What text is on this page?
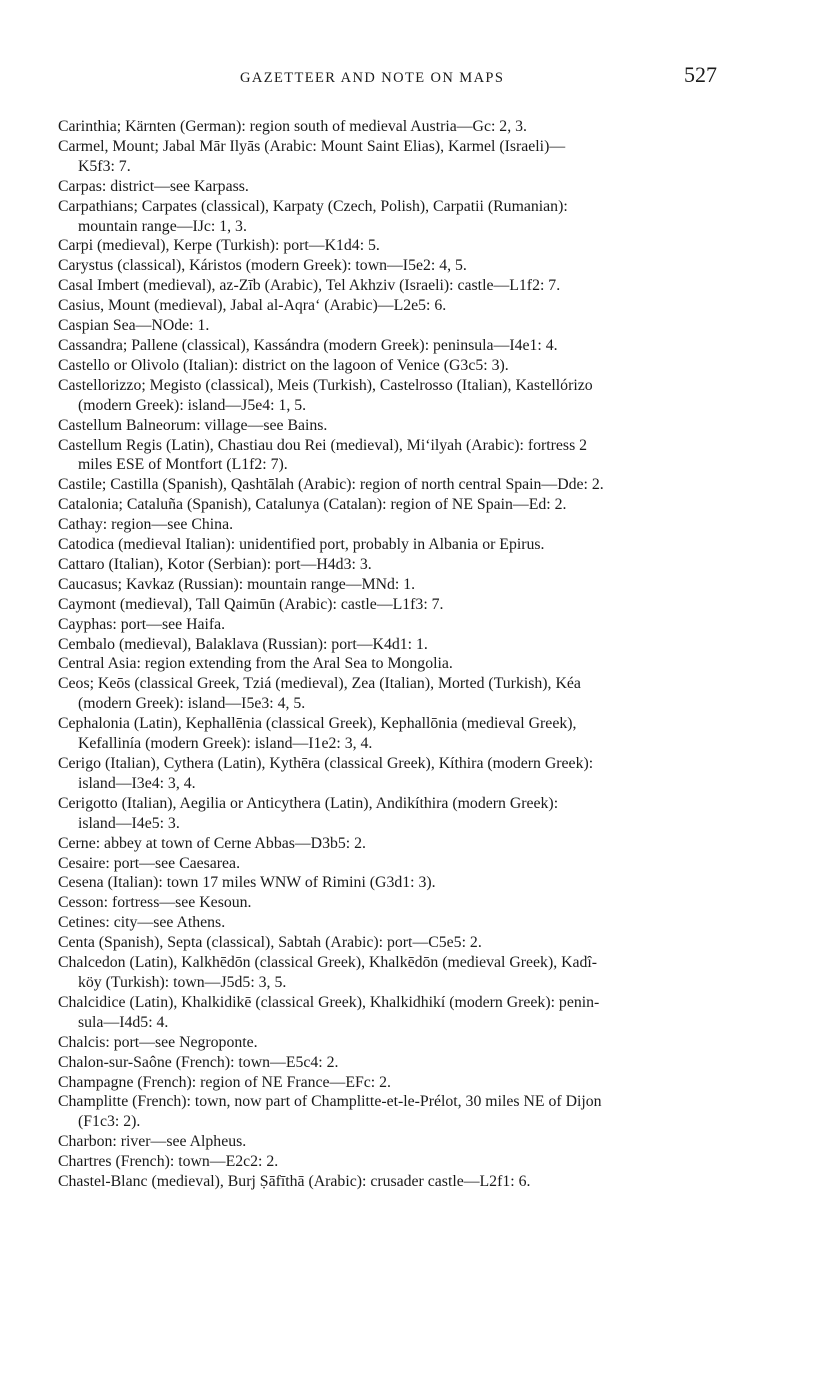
GAZETTEER AND NOTE ON MAPS	527
Carinthia; Kärnten (German): region south of medieval Austria—Gc: 2, 3.
Carmel, Mount; Jabal Mār Ilyās (Arabic: Mount Saint Elias), Karmel (Israeli)—
K5f3: 7.
Carpas: district—see Karpass.
Carpathians; Carpates (classical), Karpaty (Czech, Polish), Carpatii (Rumanian):
mountain range—IJc: 1, 3.
Carpi (medieval), Kerpe (Turkish): port—K1d4: 5.
Carystus (classical), Káristos (modern Greek): town—I5e2: 4, 5.
Casal Imbert (medieval), az-Zīb (Arabic), Tel Akhziv (Israeli): castle—L1f2: 7.
Casius, Mount (medieval), Jabal al-Aqra‘ (Arabic)—L2e5: 6.
Caspian Sea—NOde: 1.
Cassandra; Pallene (classical), Kassándra (modern Greek): peninsula—I4e1: 4.
Castello or Olivolo (Italian): district on the lagoon of Venice (G3c5: 3).
Castellorizzo; Megisto (classical), Meis (Turkish), Castelrosso (Italian), Kastellórizo
(modern Greek): island—J5e4: 1, 5.
Castellum Balneorum: village—see Bains.
Castellum Regis (Latin), Chastiau dou Rei (medieval), Mi‘ilyah (Arabic): fortress 2
miles ESE of Montfort (L1f2: 7).
Castile; Castilla (Spanish), Qashtālah (Arabic): region of north central Spain—Dde: 2.
Catalonia; Cataluña (Spanish), Catalunya (Catalan): region of NE Spain—Ed: 2.
Cathay: region—see China.
Catodica (medieval Italian): unidentified port, probably in Albania or Epirus.
Cattaro (Italian), Kotor (Serbian): port—H4d3: 3.
Caucasus; Kavkaz (Russian): mountain range—MNd: 1.
Caymont (medieval), Tall Qaimūn (Arabic): castle—L1f3: 7.
Cayphas: port—see Haifa.
Cembalo (medieval), Balaklava (Russian): port—K4d1: 1.
Central Asia: region extending from the Aral Sea to Mongolia.
Ceos; Keōs (classical Greek, Tziá (medieval), Zea (Italian), Morted (Turkish), Kéa
(modern Greek): island—I5e3: 4, 5.
Cephalonia (Latin), Kephallēnia (classical Greek), Kephallōnia (medieval Greek),
Kefallinía (modern Greek): island—I1e2: 3, 4.
Cerigo (Italian), Cythera (Latin), Kythēra (classical Greek), Kíthira (modern Greek):
island—I3e4: 3, 4.
Cerigotto (Italian), Aegilia or Anticythera (Latin), Andikíthira (modern Greek):
island—I4e5: 3.
Cerne: abbey at town of Cerne Abbas—D3b5: 2.
Cesaire: port—see Caesarea.
Cesena (Italian): town 17 miles WNW of Rimini (G3d1: 3).
Cesson: fortress—see Kesoun.
Cetines: city—see Athens.
Centa (Spanish), Septa (classical), Sabtah (Arabic): port—C5e5: 2.
Chalcedon (Latin), Kalkhēdōn (classical Greek), Khalkēdōn (medieval Greek), Kadî-
köy (Turkish): town—J5d5: 3, 5.
Chalcidice (Latin), Khalkidikē (classical Greek), Khalkidhikí (modern Greek): penin-
sula—I4d5: 4.
Chalcis: port—see Negroponte.
Chalon-sur-Saône (French): town—E5c4: 2.
Champagne (French): region of NE France—EFc: 2.
Champlitte (French): town, now part of Champlitte-et-le-Prélot, 30 miles NE of Dijon
(F1c3: 2).
Charbon: river—see Alpheus.
Chartres (French): town—E2c2: 2.
Chastel-Blanc (medieval), Burj Ṣāfīthā (Arabic): crusader castle—L2f1: 6.
